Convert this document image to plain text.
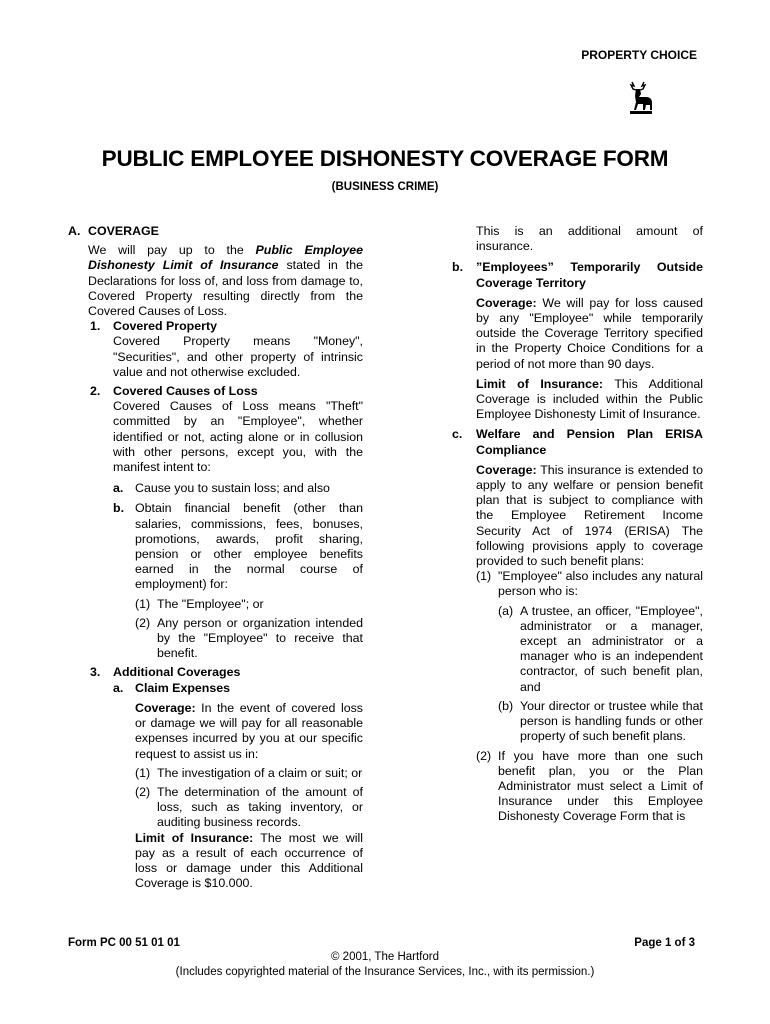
PROPERTY CHOICE
PUBLIC EMPLOYEE DISHONESTY COVERAGE FORM
(BUSINESS CRIME)
A. COVERAGE

We will pay up to the Public Employee Dishonesty Limit of Insurance stated in the Declarations for loss of, and loss from damage to, Covered Property resulting directly from the Covered Causes of Loss.

1.	Covered Property

Covered Property means "Money", "Securities", and other property of intrinsic value and not otherwise excluded.

2.	Covered Causes of Loss

Covered Causes of Loss means "Theft" committed by an "Employee", whether identified or not, acting alone or in collusion with other persons, except you, with the manifest intent to:

a. Cause you to sustain loss; and also

b. Obtain financial benefit (other than salaries, commissions, fees, bonuses, promotions, awards, profit sharing, pension or other employee benefits earned in the normal course of employment) for:

(1) The "Employee"; or

(2) Any person or organization intended by the "Employee" to receive that benefit.

3.	Additional Coverages
a. Claim Expenses

Coverage: In the event of covered loss or damage we will pay for all reasonable expenses incurred by you at our specific request to assist us in:

(1) The investigation of a claim or suit; or

(2) The determination of the amount of loss, such as taking inventory, or auditing business records.

Limit of Insurance: The most we will pay as a result of each occurrence of loss or damage under this Additional Coverage is $10.000.

This is an additional amount of insurance.

b.	”Employees” Temporarily Outside Coverage Territory

Coverage: We will pay for loss caused by any "Employee" while temporarily outside the Coverage Territory specified in the Property Choice Conditions for a period of not more than 90 days.

Limit of Insurance: This Additional Coverage is included within the Public Employee Dishonesty Limit of Insurance.

c.	Welfare and Pension Plan ERISA Compliance

Coverage: This insurance is extended to apply to any welfare or pension benefit plan that is subject to compliance with the Employee Retirement Income Security Act of 1974 (ERISA) The following provisions apply to coverage provided to such benefit plans:

(1) "Employee" also includes any natural person who is:

(a) A trustee, an officer, "Employee", administrator or a manager, except an administrator or a manager who is an independent contractor, of such benefit plan, and

(b) Your director or trustee while that person is handling funds or other property of such benefit plans.

(2) If you have more than one such benefit plan, you or the Plan Administrator must select a Limit of Insurance under this Employee Dishonesty Coverage Form that is

Form PC 00 51 01 01	Page 1 of 3
© 2001, The Hartford
(Includes copyrighted material of the Insurance Services, Inc., with its permission.)
